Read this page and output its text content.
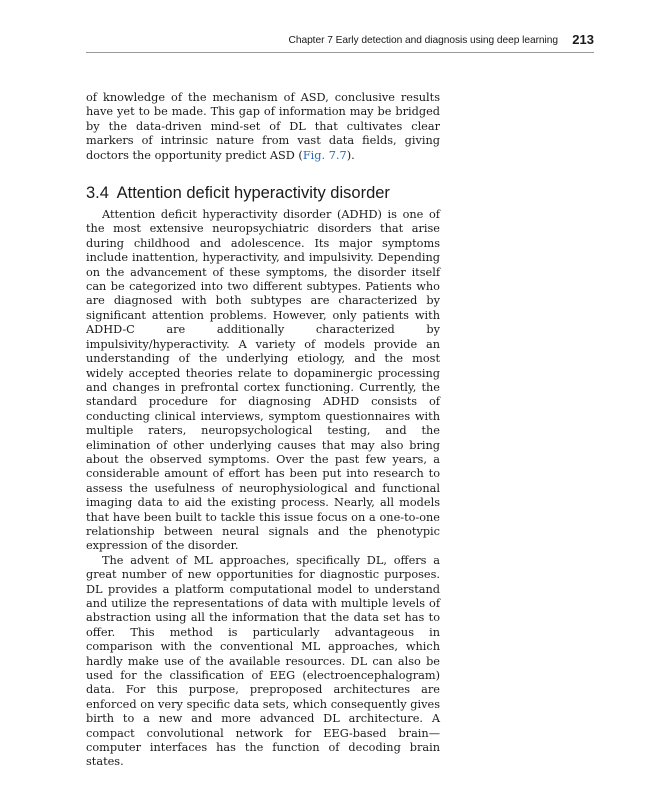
Chapter 7 Early detection and diagnosis using deep learning 213

of knowledge of the mechanism of ASD, conclusive results have yet to be made. This gap of information may be bridged by the data-driven mind-set of DL that cultivates clear markers of intrinsic nature from vast data fields, giving doctors the opportunity predict ASD (Fig. 7.7).

3.4 Attention deficit hyperactivity disorder

Attention deficit hyperactivity disorder (ADHD) is one of the most extensive neuropsychiatric disorders that arise during childhood and adolescence. Its major symptoms include inattention, hyperactivity, and impulsivity. Depending on the advancement of these symptoms, the disorder itself can be categorized into two different subtypes. Patients who are diagnosed with both subtypes are characterized by significant attention problems. However, only patients with ADHD-C are additionally characterized by impulsivity/hyperactivity. A variety of models provide an understanding of the underlying etiology, and the most widely accepted theories relate to dopaminergic processing and changes in prefrontal cortex functioning. Currently, the standard procedure for diagnosing ADHD consists of conducting clinical interviews, symptom questionnaires with multiple raters, neuropsychological testing, and the elimination of other underlying causes that may also bring about the observed symptoms. Over the past few years, a considerable amount of effort has been put into research to assess the usefulness of neurophysiological and functional imaging data to aid the existing process. Nearly, all models that have been built to tackle this issue focus on a one-to-one relationship between neural signals and the phenotypic expression of the disorder.

The advent of ML approaches, specifically DL, offers a great number of new opportunities for diagnostic purposes. DL provides a platform computational model to understand and utilize the representations of data with multiple levels of abstraction using all the information that the data set has to offer. This method is particularly advantageous in comparison with the conventional ML approaches, which hardly make use of the available resources. DL can also be used for the classification of EEG (electroencephalogram) data. For this purpose, preproposed architectures are enforced on very specific data sets, which consequently gives birth to a new and more advanced DL architecture. A compact convolutional network for EEG-based brain—computer interfaces has the function of decoding brain states.
